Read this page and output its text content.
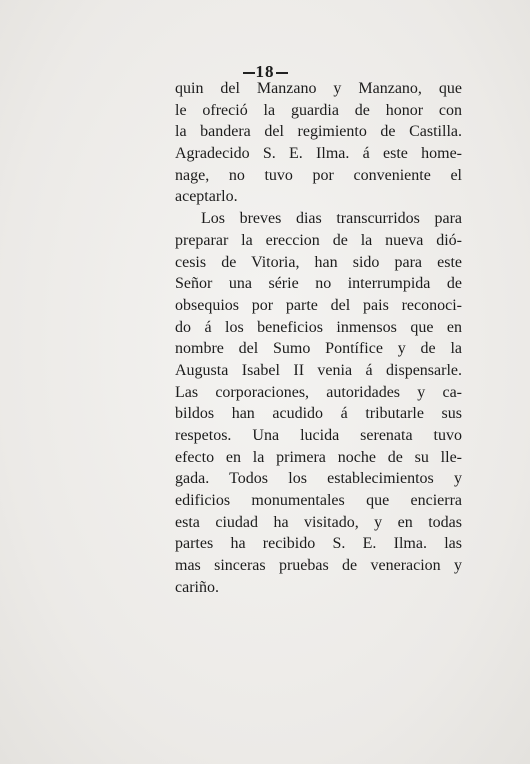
18

quin del Manzano y Manzano, que
le ofreció la guardia de honor con
la bandera del regimiento de Castilla.
Agradecido S. E. Ilma. á este home-
nage, no tuvo por conveniente el
aceptarlo.
Los breves dias transcurridos para
preparar la ereccion de la nueva dió-
cesis de Vitoria, han sido para este
Señor una série no interrumpida de
obsequios por parte del pais reconoci-
do á los beneficios inmensos que en
nombre del Sumo Pontífice y de la
Augusta Isabel II venia á dispensarle.
Las corporaciones, autoridades y ca-
bildos han acudido á tributarle sus
respetos. Una lucida serenata tuvo
efecto en la primera noche de su lle-
gada. Todos los establecimientos y
edificios monumentales que encierra
esta ciudad ha visitado, y en todas
partes ha recibido S. E. Ilma. las
mas sinceras pruebas de veneracion y
cariño.
